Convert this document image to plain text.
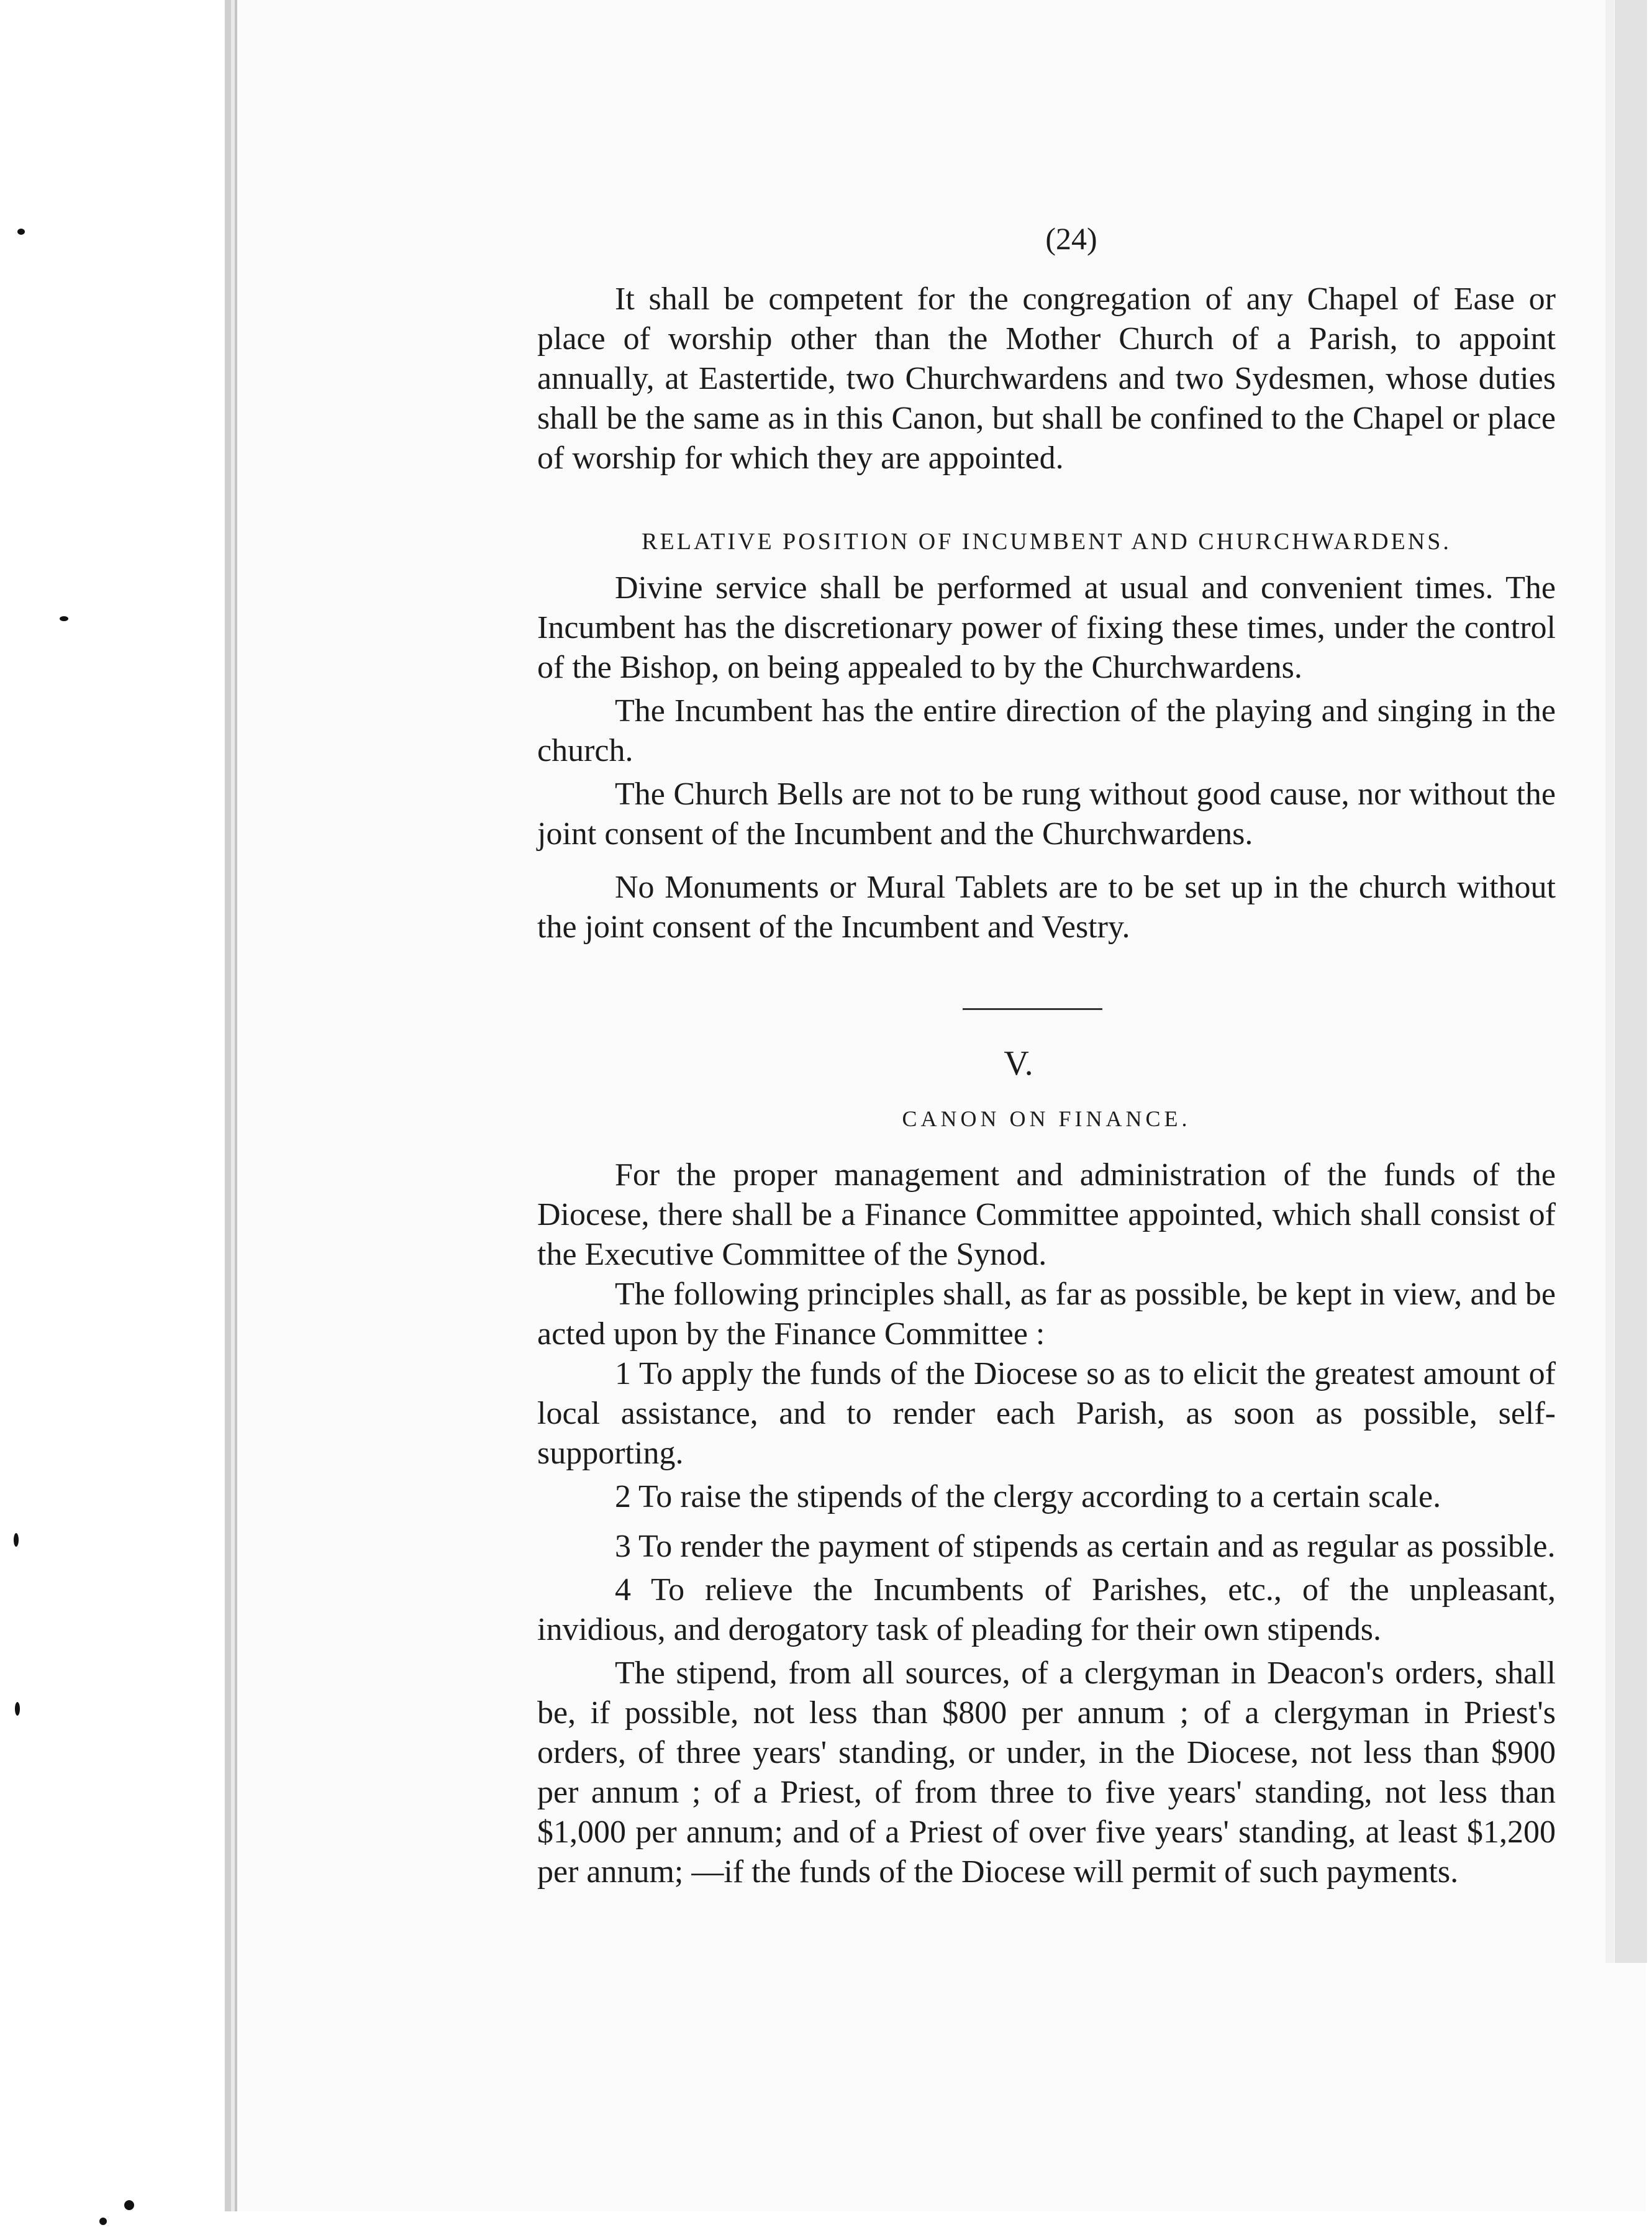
(24)

It shall be competent for the congregation of any Chapel of Ease or place of worship other than the Mother Church of a Parish, to appoint annually, at Eastertide, two Churchwardens and two Sydesmen, whose duties shall be the same as in this Canon, but shall be confined to the Chapel or place of worship for which they are appointed.

RELATIVE POSITION OF INCUMBENT AND CHURCHWARDENS.

Divine service shall be performed at usual and convenient times. The Incumbent has the discretionary power of fixing these times, under the control of the Bishop, on being appealed to by the Churchwardens.

The Incumbent has the entire direction of the playing and singing in the church.

The Church Bells are not to be rung without good cause, nor without the joint consent of the Incumbent and the Churchwardens.

No Monuments or Mural Tablets are to be set up in the church without the joint consent of the Incumbent and Vestry.

V.
CANON ON FINANCE.

For the proper management and administration of the funds of the Diocese, there shall be a Finance Committee appointed, which shall consist of the Executive Committee of the Synod.

The following principles shall, as far as possible, be kept in view, and be acted upon by the Finance Committee :

1 To apply the funds of the Diocese so as to elicit the greatest amount of local assistance, and to render each Parish, as soon as possible, self-supporting.

2 To raise the stipends of the clergy according to a certain scale.

3 To render the payment of stipends as certain and as regular as possible.

4 To relieve the Incumbents of Parishes, etc., of the unpleasant, invidious, and derogatory task of pleading for their own stipends.

The stipend, from all sources, of a clergyman in Deacon's orders, shall be, if possible, not less than $800 per annum ; of a clergyman in Priest's orders, of three years' standing, or under, in the Diocese, not less than $900 per annum ; of a Priest, of from three to five years' standing, not less than $1,000 per annum; and of a Priest of over five years' standing, at least $1,200 per annum; —if the funds of the Diocese will permit of such payments.
